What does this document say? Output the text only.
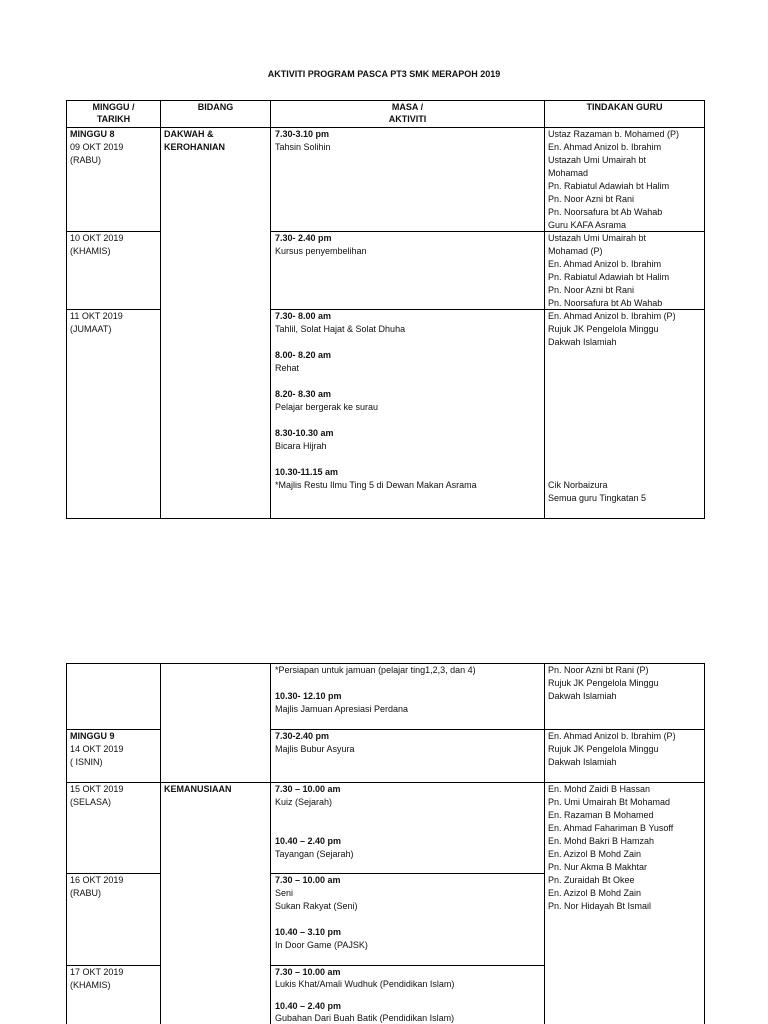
AKTIVITI PROGRAM PASCA PT3 SMK MERAPOH 2019
MINGGU /
TARIKH
BIDANG	MASA /
AKTIVITI
TINDAKAN GURU
DAKWAH &
KEROHANIAN
MINGGU 8
09 OKT 2019
(RABU)
7.30-3.10 pm
Tahsin Solihin
Ustaz Razaman b. Mohamed (P)
En. Ahmad Anizol b. Ibrahim
Ustazah Umi Umairah bt
Mohamad
Pn. Rabiatul Adawiah bt Halim
Pn. Noor Azni bt Rani
Pn. Noorsafura bt Ab Wahab
Guru KAFA Asrama
10 OKT 2019
(KHAMIS)
7.30- 2.40 pm
Kursus penyembelihan
Ustazah Umi Umairah bt
Mohamad (P)
En. Ahmad Anizol b. Ibrahim
Pn. Rabiatul Adawiah bt Halim
Pn. Noor Azni bt Rani
Pn. Noorsafura bt Ab Wahab
11 OKT 2019
(JUMAAT)
7.30- 8.00 am
Tahlil, Solat Hajat & Solat Dhuha
8.00- 8.20 am
Rehat
8.20- 8.30 am
Pelajar bergerak ke surau
8.30-10.30 am
Bicara Hijrah
10.30-11.15 am
*Majlis Restu Ilmu Ting 5 di Dewan Makan Asrama
En. Ahmad Anizol b. Ibrahim (P)
Rujuk JK Pengelola Minggu
Dakwah Islamiah
Cik Norbaizura
Semua guru Tingkatan 5
KEMANUSIAAN
*Persiapan untuk jamuan (pelajar ting1,2,3, dan 4)
10.30- 12.10 pm
Majlis Jamuan Apresiasi Perdana
Pn. Noor Azni bt Rani (P)
Rujuk JK Pengelola Minggu
Dakwah Islamiah
MINGGU 9
14 OKT 2019
( ISNIN)
7.30-2.40 pm
Majlis Bubur Asyura
En. Ahmad Anizol b. Ibrahim (P)
Rujuk JK Pengelola Minggu
Dakwah Islamiah
En. Mohd Zaidi B Hassan
Pn. Umi Umairah Bt Mohamad
En. Razaman B Mohamed
En. Ahmad Fahariman B Yusoff
En. Mohd Bakri B Hamzah
En. Azizol B Mohd Zain
Pn. Nur Akma B Makhtar
Pn. Zuraidah Bt Okee
En. Azizol B Mohd Zain
Pn. Nor Hidayah Bt Ismail
15 OKT 2019
(SELASA)
7.30 – 10.00 am
Kuiz (Sejarah)
10.40 – 2.40 pm
Tayangan (Sejarah)
16 OKT 2019
(RABU)
7.30 – 10.00 am
Seni
Sukan Rakyat (Seni)
10.40 – 3.10 pm
In Door Game (PAJSK)
17 OKT 2019
(KHAMIS)
7.30 – 10.00 am
Lukis Khat/Amali Wudhuk (Pendidikan Islam)
10.40 – 2.40 pm
Gubahan Dari Buah Batik (Pendidikan Islam)
